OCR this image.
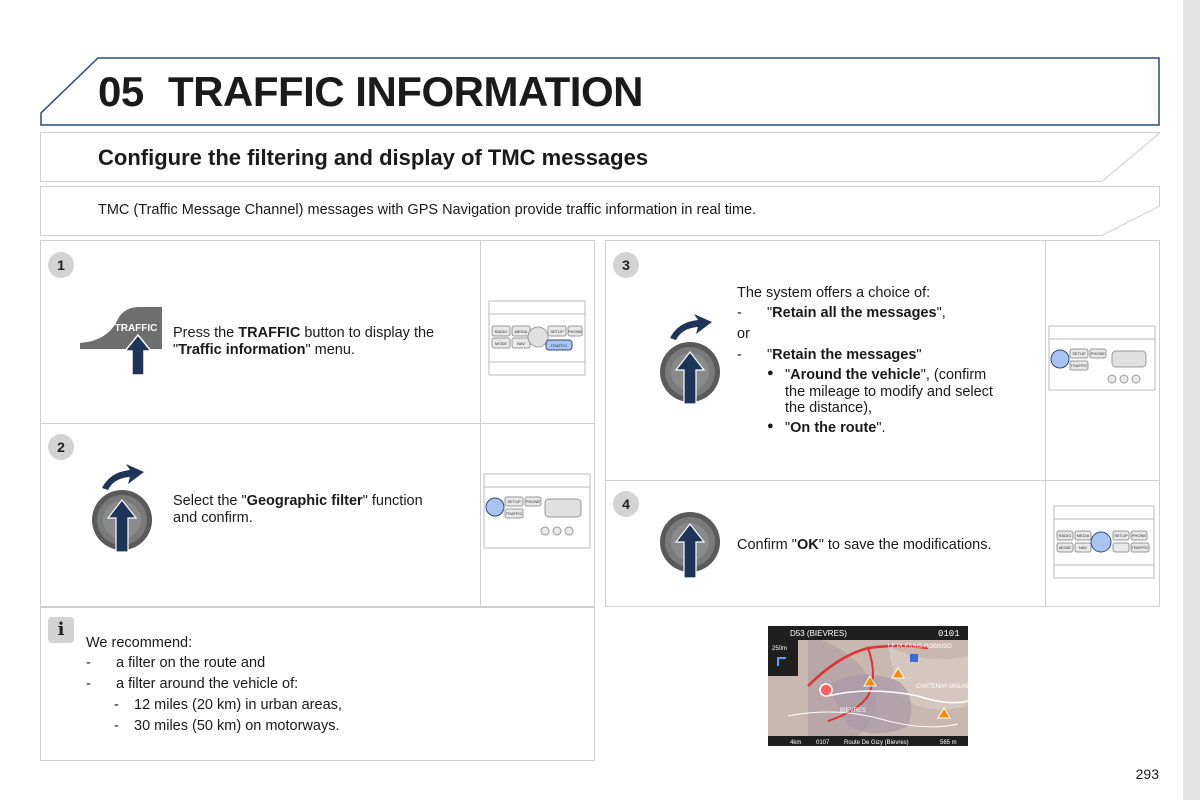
05 TRAFFIC INFORMATION
Configure the filtering and display of TMC messages
TMC (Traffic Message Channel) messages with GPS Navigation provide traffic information in real time.
1
TRAFFIC Press the TRAFFIC button to display the
"Traffic information" menu.
RADIO MEDIA
MODE	NAV
SETUP PHONE
TRAFFIC
2
Select the "Geographic filter" function
and confirm.
SETUP PHONE
TRAFFIC
3
The system offers a choice of:
- "Retain all the messages",
or
- "Retain the messages"
● "Around the vehicle", (confirm
the mileage to modify and select
the distance),
● "On the route".
SETUP PHONE
TRAFFIC
4
Confirm "OK" to save the modifications.
RADIO MEDIA
MODE NAV
SETUP PHONE
TRAFFIC
i
We recommend:
- a filter on the route and
- a filter around the vehicle of:
- 12 miles (20 km) in urban areas,
- 30 miles (50 km) on motorways.
D53 (BIEVRES)	0101
250m	LE PLESSIS-ROBINSO
CHATENAY-MALABRY
BIEVRES
4km 0107 Route De Gizy (Bievres)	565 m
293
